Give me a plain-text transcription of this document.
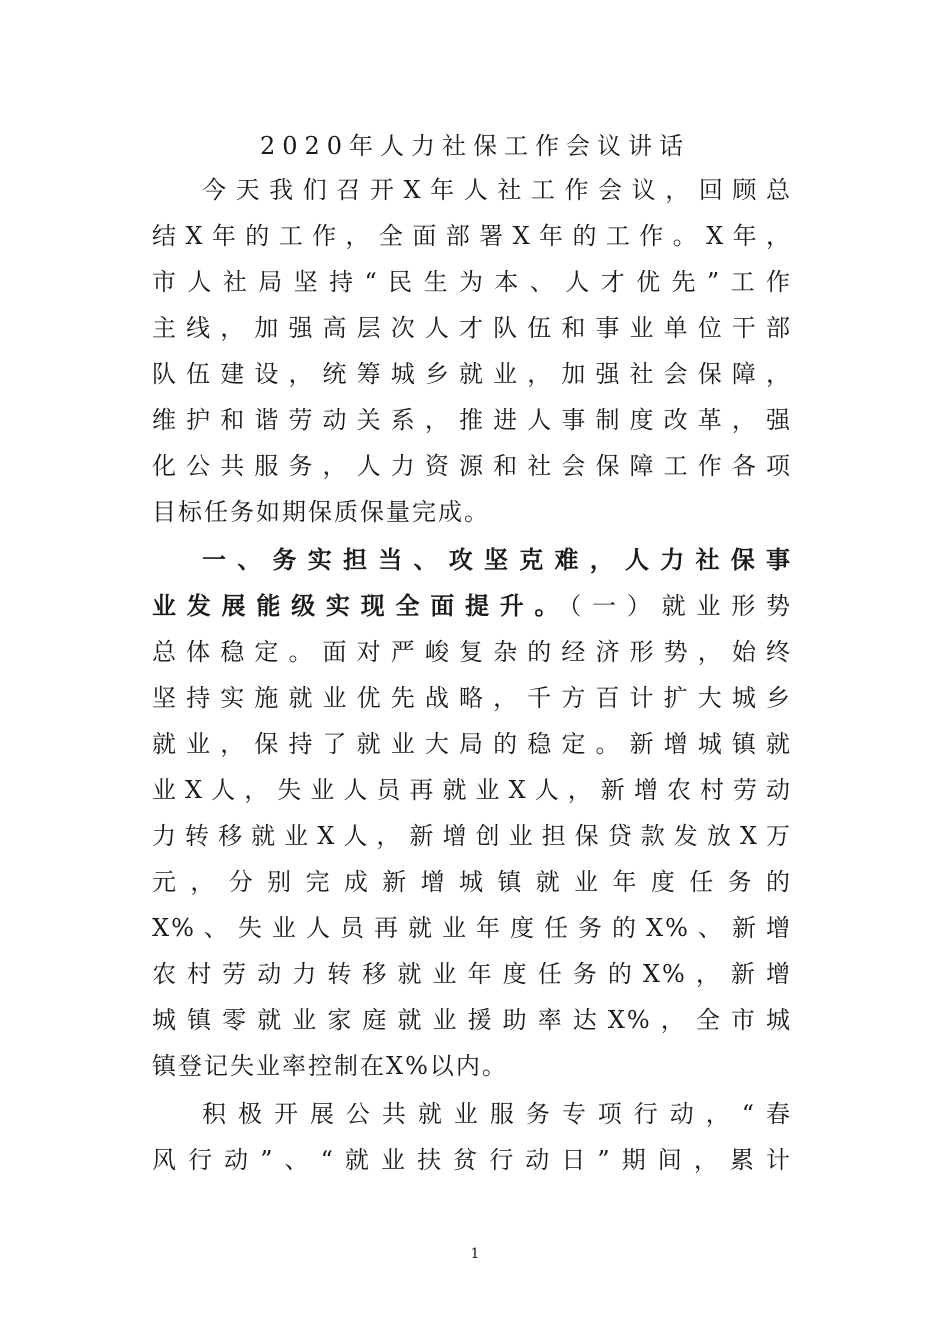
2020年人力社保工作会议讲话
今天我们召开X年人社工作会议，回顾总
结X年的工作，全面部署X年的工作。X年，
市人社局坚持“民生为本、人才优先”工作
主线，加强高层次人才队伍和事业单位干部
队伍建设，统筹城乡就业，加强社会保障，
维护和谐劳动关系，推进人事制度改革，强
化公共服务，人力资源和社会保障工作各项
目标任务如期保质保量完成。
一、务实担当、攻坚克难，人力社保事
业发展能级实现全面提升。（一）就业形势
总体稳定。面对严峻复杂的经济形势，始终
坚持实施就业优先战略，千方百计扩大城乡
就业，保持了就业大局的稳定。新增城镇就
业X人，失业人员再就业X人，新增农村劳动
力转移就业X人，新增创业担保贷款发放X万
元，分别完成新增城镇就业年度任务的
X%、失业人员再就业年度任务的X%、新增
农村劳动力转移就业年度任务的X%，新增
城镇零就业家庭就业援助率达X%，全市城
镇登记失业率控制在X%以内。
积极开展公共就业服务专项行动，“春
风行动”、“就业扶贫行动日”期间，累计
1
